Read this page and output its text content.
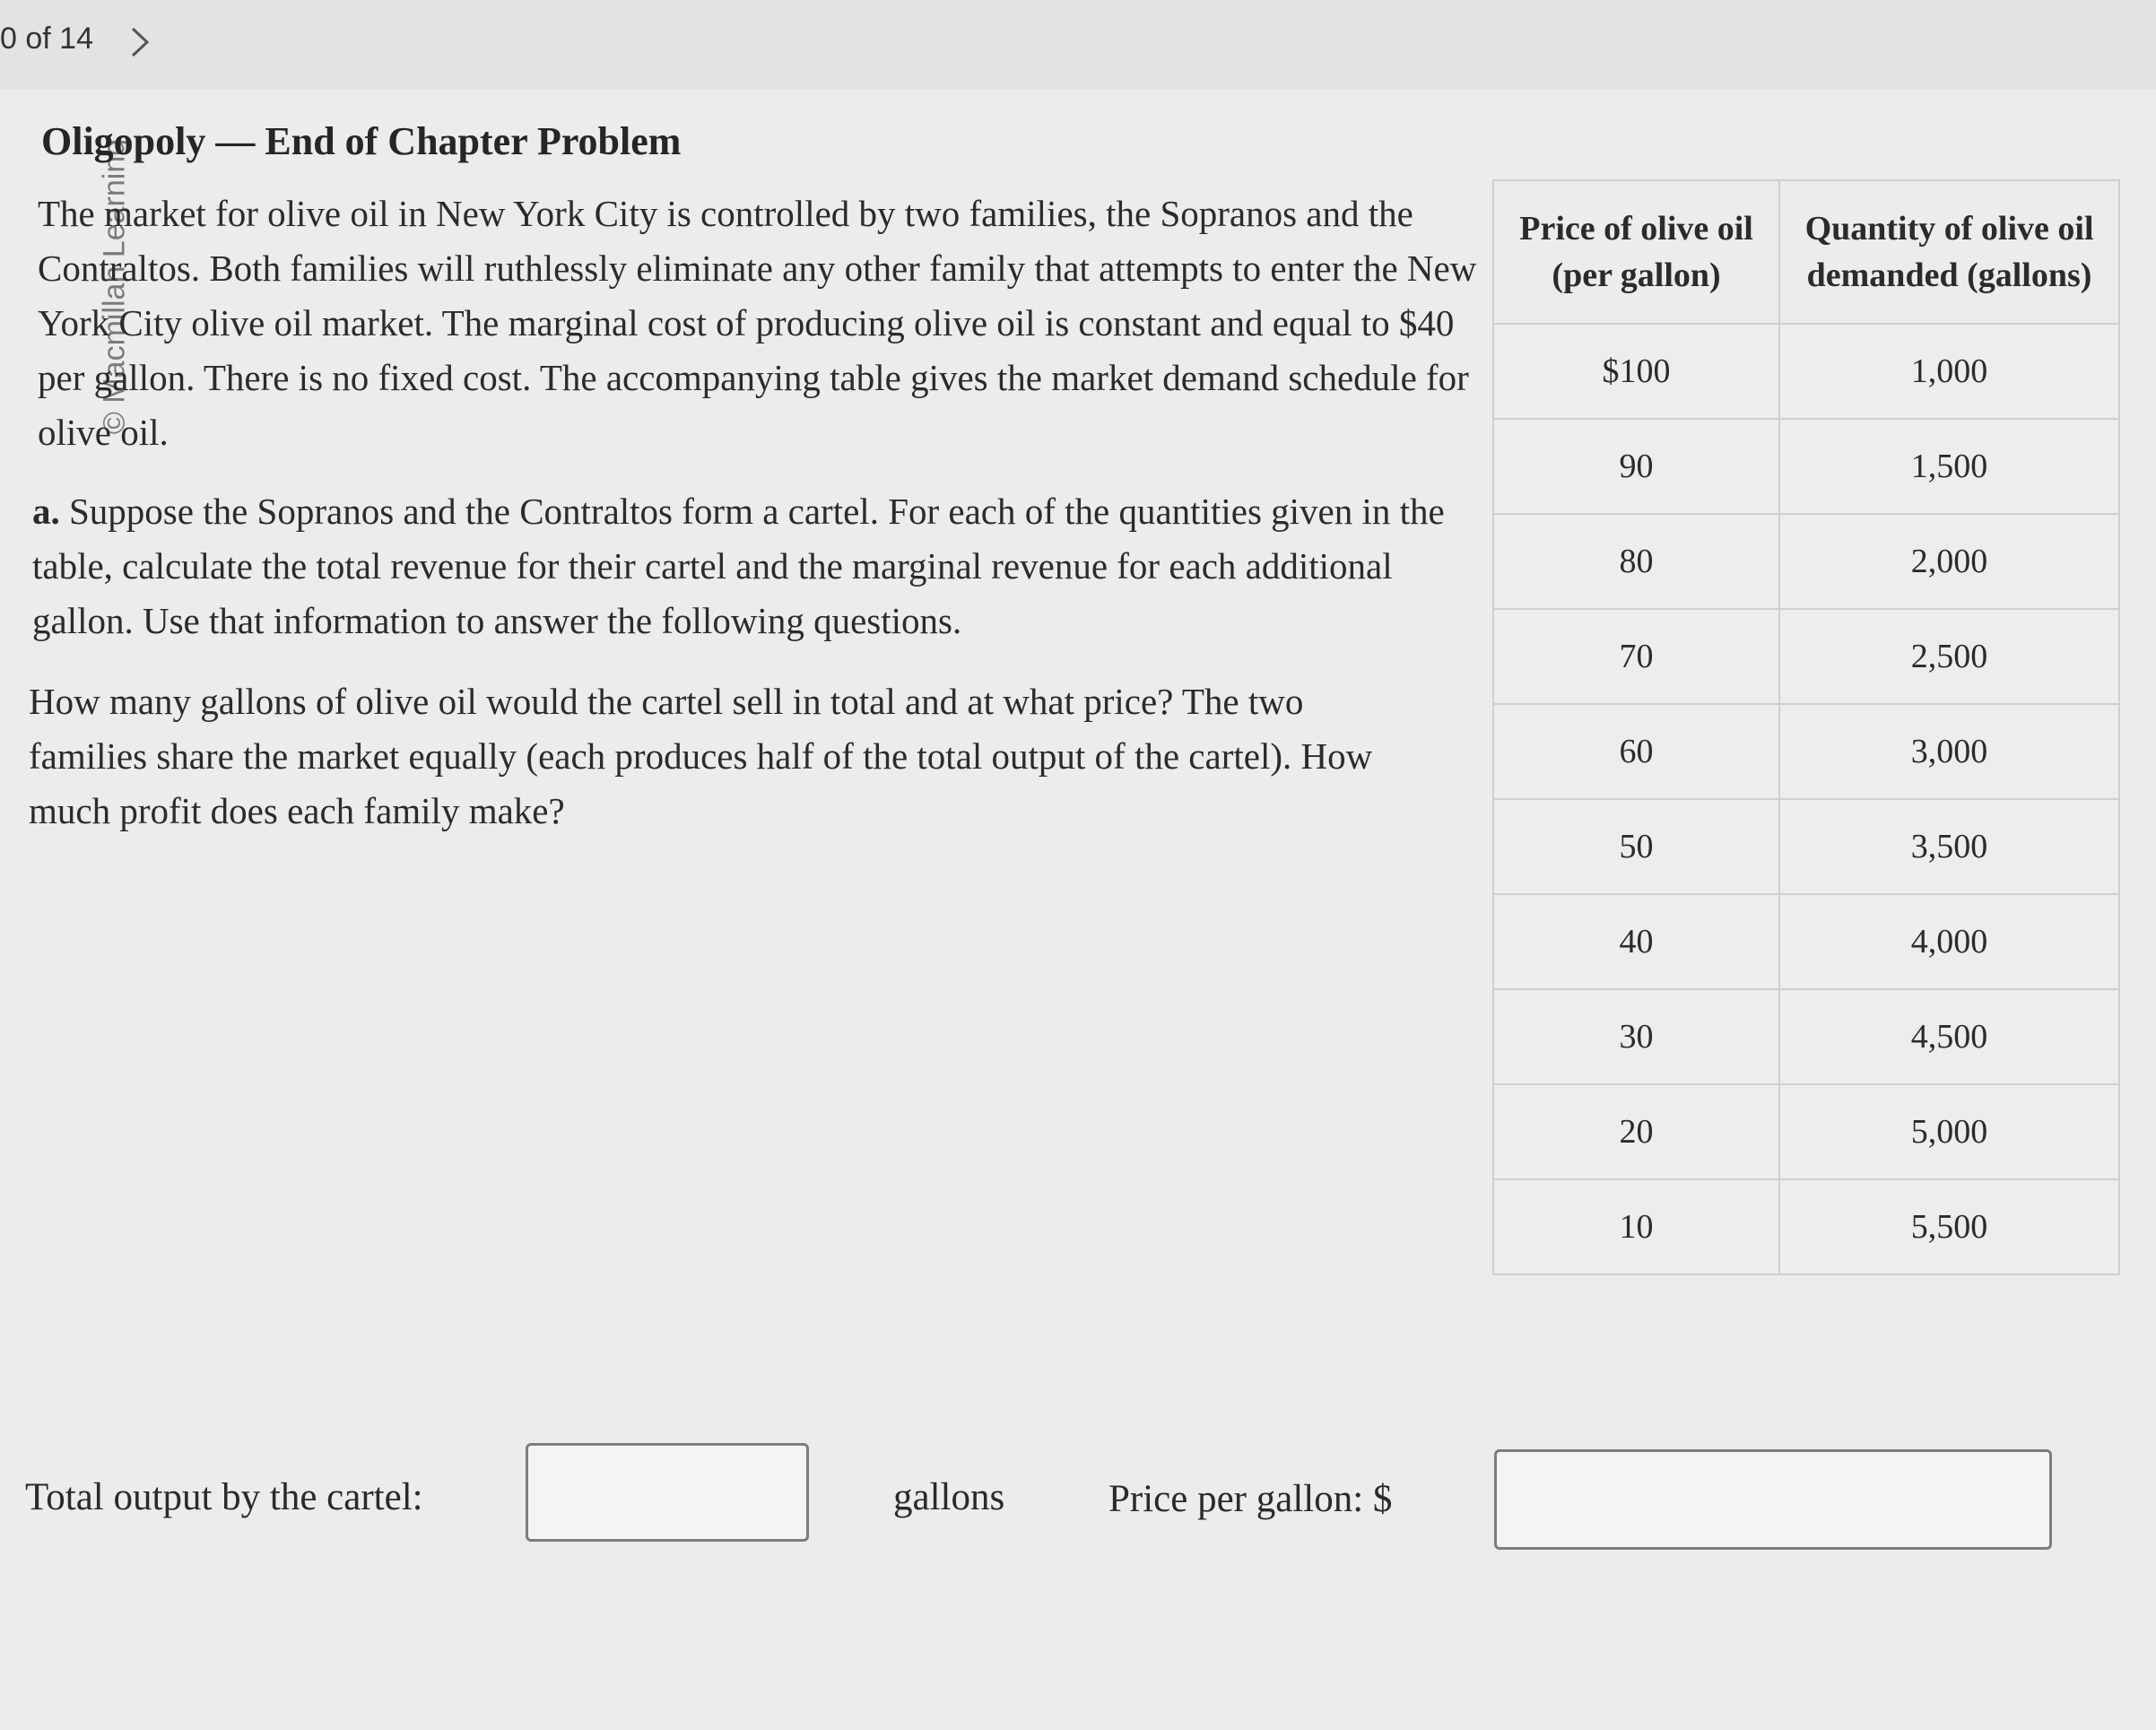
0 of 14
© Macmillan Learning
Oligopoly — End of Chapter Problem
The market for olive oil in New York City is controlled by two families, the Sopranos and the Contraltos. Both families will ruthlessly eliminate any other family that attempts to enter the New York City olive oil market. The marginal cost of producing olive oil is constant and equal to $40 per gallon. There is no fixed cost. The accompanying table gives the market demand schedule for olive oil.
a. Suppose the Sopranos and the Contraltos form a cartel. For each of the quantities given in the table, calculate the total revenue for their cartel and the marginal revenue for each additional gallon. Use that information to answer the following questions.
How many gallons of olive oil would the cartel sell in total and at what price? The two families share the market equally (each produces half of the total output of the cartel). How much profit does each family make?
Price of olive oil (per gallon)	Quantity of olive oil demanded (gallons)
$100	1,000
90	1,500
80	2,000
70	2,500
60	3,000
50	3,500
40	4,000
30	4,500
20	5,000
10	5,500
Total output by the cartel:	gallons	Price per gallon: $
